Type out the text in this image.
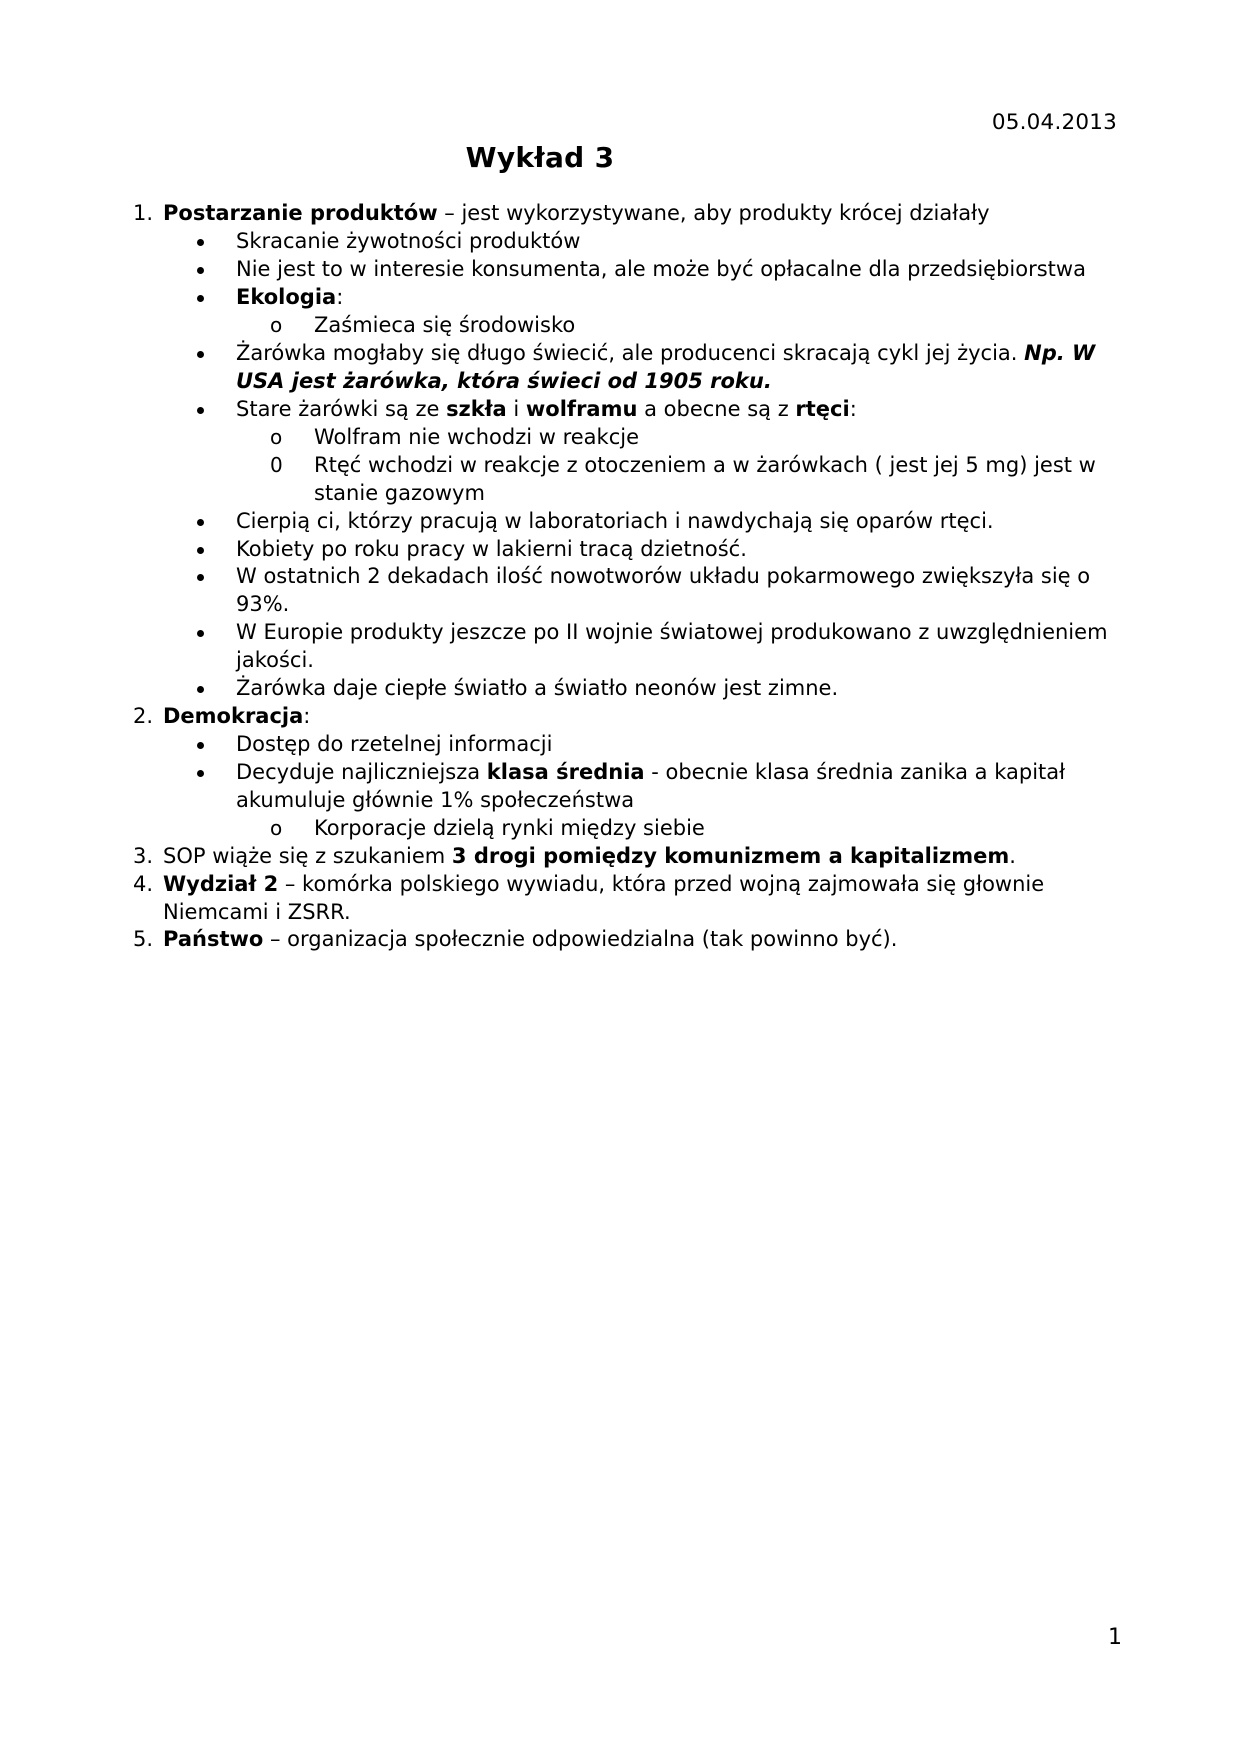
05.04.2013
Wykład 3
1. Postarzanie produktów – jest wykorzystywane, aby produkty krócej działały
Skracanie żywotności produktów
Nie jest to w interesie konsumenta, ale może być opłacalne dla przedsiębiorstwa
Ekologia:
o Zaśmieca się środowisko
Żarówka mogłaby się długo świecić, ale producenci skracają cykl jej życia. Np. W USA jest żarówka, która świeci od 1905 roku.
Stare żarówki są ze szkła i wolframu a obecne są z rtęci:
o Wolfram nie wchodzi w reakcje
0 Rtęć wchodzi w reakcje z otoczeniem a w żarówkach ( jest jej 5 mg) jest w stanie gazowym
Cierpią ci, którzy pracują w laboratoriach i nawdychają się oparów rtęci.
Kobiety po roku pracy w lakierni tracą dzietność.
W ostatnich 2 dekadach ilość nowotworów układu pokarmowego zwiększyła się o 93%.
W Europie produkty jeszcze po II wojnie światowej produkowano z uwzględnieniem jakości.
Żarówka daje ciepłe światło a światło neonów jest zimne.
2. Demokracja:
Dostęp do rzetelnej informacji
Decyduje najliczniejsza klasa średnia - obecnie klasa średnia zanika a kapitał akumuluje głównie 1% społeczeństwa
o Korporacje dzielą rynki między siebie
3. SOP wiąże się z szukaniem 3 drogi pomiędzy komunizmem a kapitalizmem.
4. Wydział 2 – komórka polskiego wywiadu, która przed wojną zajmowała się głownie Niemcami i ZSRR.
5. Państwo – organizacja społecznie odpowiedzialna (tak powinno być).
1
